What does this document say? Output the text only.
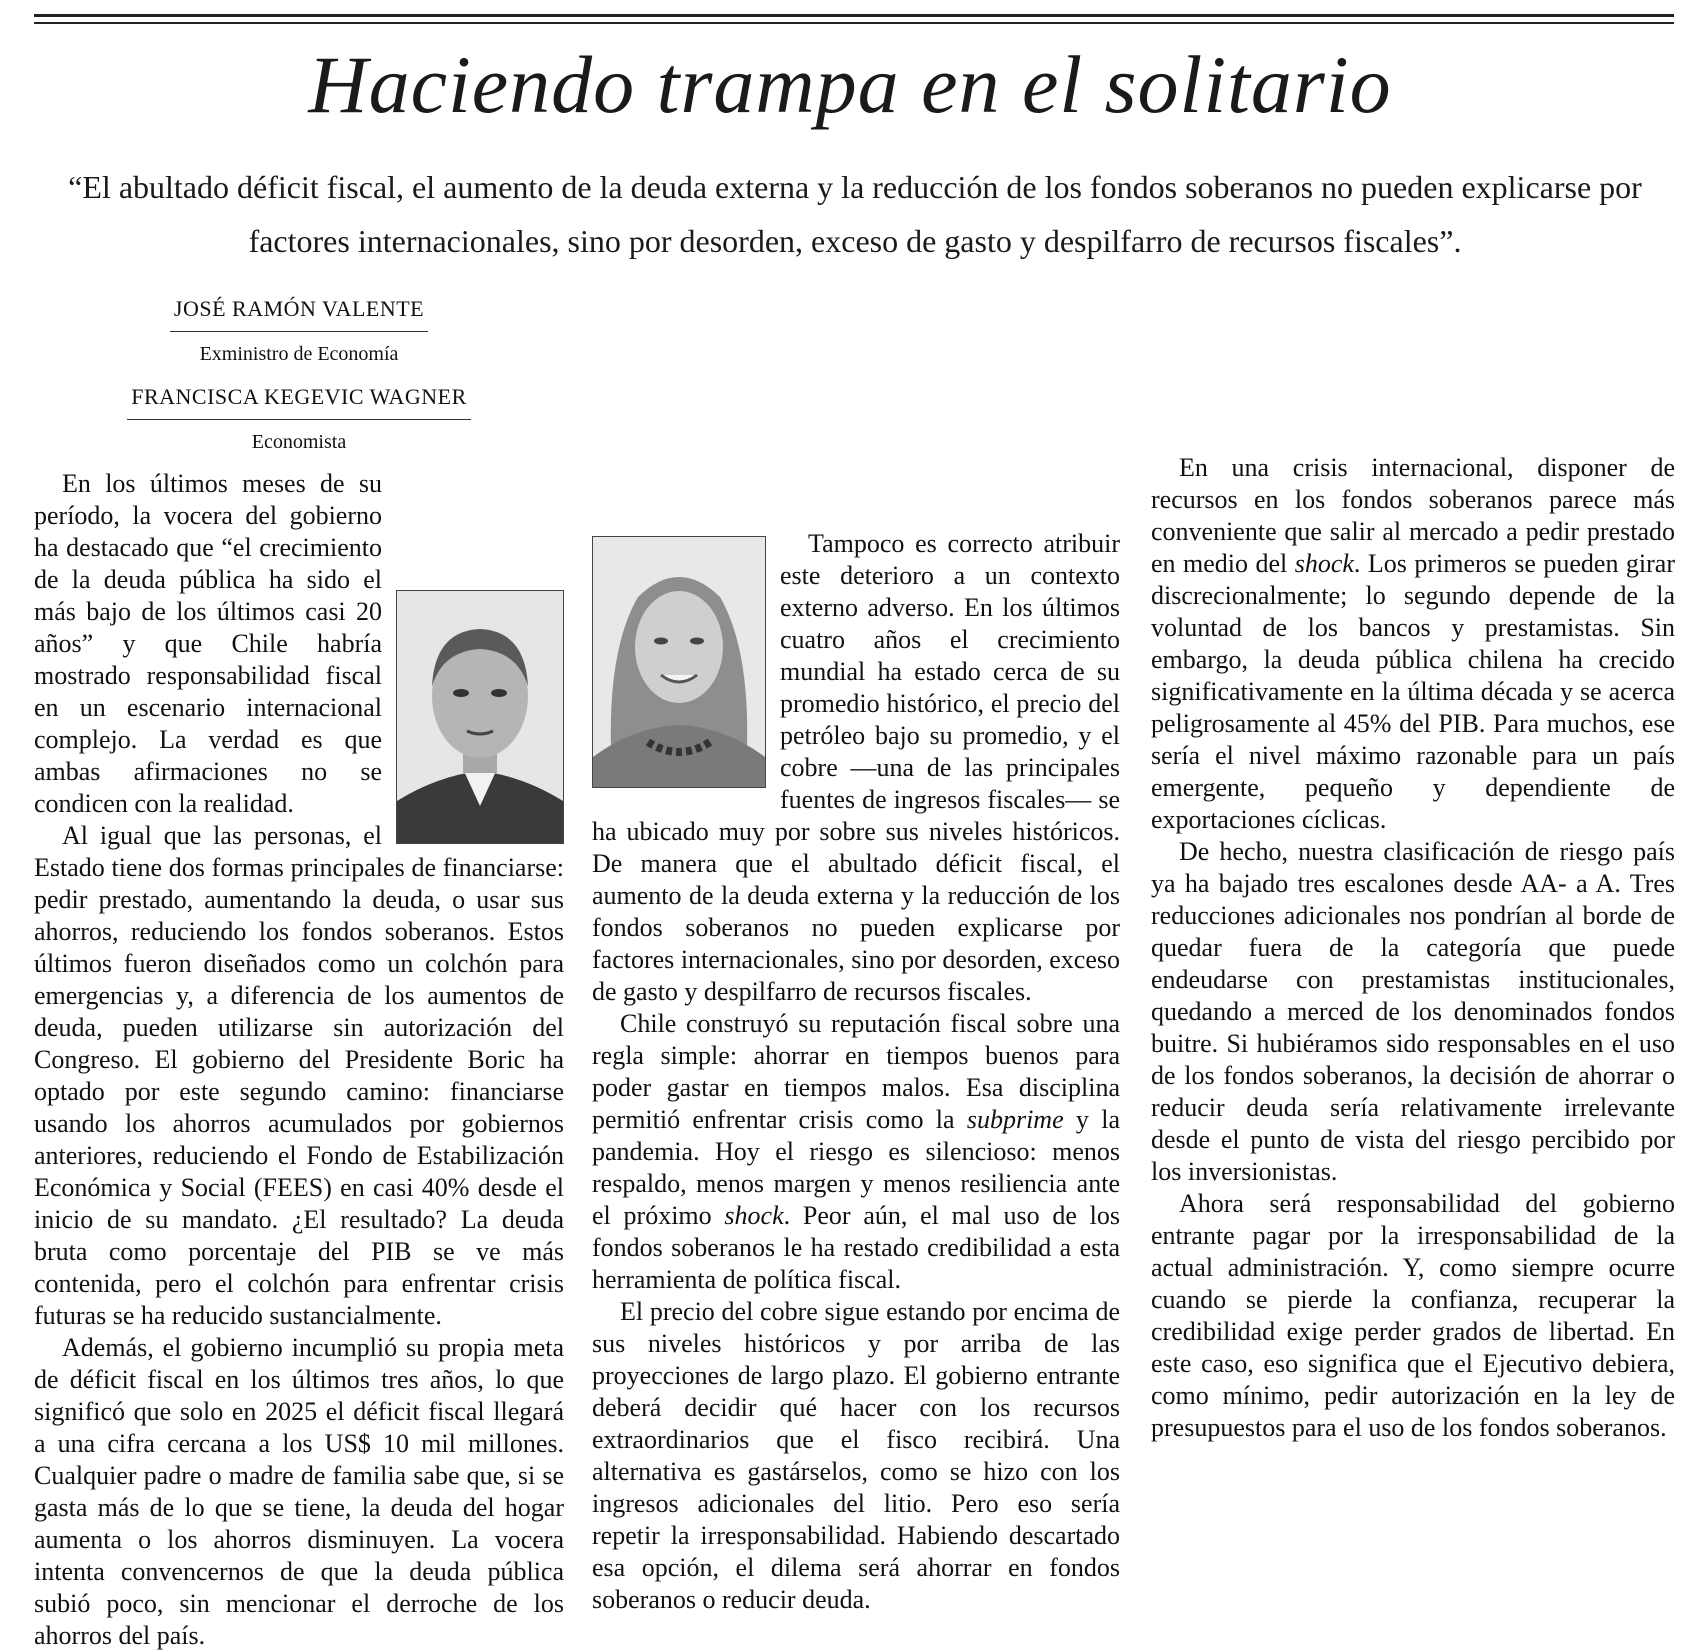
Haciendo trampa en el solitario
“El abultado déficit fiscal, el aumento de la deuda externa y la reducción de los fondos soberanos no pueden explicarse por factores internacionales, sino por desorden, exceso de gasto y despilfarro de recursos fiscales”.

JOSÉ RAMÓN VALENTE
Exministro de Economía
FRANCISCA KEGEVIC WAGNER
Economista

En los últimos meses de su período, la vocera del gobierno ha destacado que “el crecimiento de la deuda pública ha sido el más bajo de los últimos casi 20 años” y que Chile habría mostrado responsabilidad fiscal en un escenario internacional complejo. La verdad es que ambas afirmaciones no se condicen con la realidad.

Al igual que las personas, el Estado tiene dos formas principales de financiarse: pedir prestado, aumentando la deuda, o usar sus ahorros, reduciendo los fondos soberanos. Estos últimos fueron diseñados como un colchón para emergencias y, a diferencia de los aumentos de deuda, pueden utilizarse sin autorización del Congreso. El gobierno del Presidente Boric ha optado por este segundo camino: financiarse usando los ahorros acumulados por gobiernos anteriores, reduciendo el Fondo de Estabilización Económica y Social (FEES) en casi 40% desde el inicio de su mandato. ¿El resultado? La deuda bruta como porcentaje del PIB se ve más contenida, pero el colchón para enfrentar crisis futuras se ha reducido sustancialmente.

Además, el gobierno incumplió su propia meta de déficit fiscal en los últimos tres años, lo que significó que solo en 2025 el déficit fiscal llegará a una cifra cercana a los US$ 10 mil millones. Cualquier padre o madre de familia sabe que, si se gasta más de lo que se tiene, la deuda del hogar aumenta o los ahorros disminuyen. La vocera intenta convencernos de que la deuda pública subió poco, sin mencionar el derroche de los ahorros del país.

Tampoco es correcto atribuir este deterioro a un contexto externo adverso. En los últimos cuatro años el crecimiento mundial ha estado cerca de su promedio histórico, el precio del petróleo bajo su promedio, y el cobre —una de las principales fuentes de ingresos fiscales— se ha ubicado muy por sobre sus niveles históricos. De manera que el abultado déficit fiscal, el aumento de la deuda externa y la reducción de los fondos soberanos no pueden explicarse por factores internacionales, sino por desorden, exceso de gasto y despilfarro de recursos fiscales.

Chile construyó su reputación fiscal sobre una regla simple: ahorrar en tiempos buenos para poder gastar en tiempos malos. Esa disciplina permitió enfrentar crisis como la subprime y la pandemia. Hoy el riesgo es silencioso: menos respaldo, menos margen y menos resiliencia ante el próximo shock. Peor aún, el mal uso de los fondos soberanos le ha restado credibilidad a esta herramienta de política fiscal.

El precio del cobre sigue estando por encima de sus niveles históricos y por arriba de las proyecciones de largo plazo. El gobierno entrante deberá decidir qué hacer con los recursos extraordinarios que el fisco recibirá. Una alternativa es gastárselos, como se hizo con los ingresos adicionales del litio. Pero eso sería repetir la irresponsabilidad. Habiendo descartado esa opción, el dilema será ahorrar en fondos soberanos o reducir deuda.

En una crisis internacional, disponer de recursos en los fondos soberanos parece más conveniente que salir al mercado a pedir prestado en medio del shock. Los primeros se pueden girar discrecionalmente; lo segundo depende de la voluntad de los bancos y prestamistas. Sin embargo, la deuda pública chilena ha crecido significativamente en la última década y se acerca peligrosamente al 45% del PIB. Para muchos, ese sería el nivel máximo razonable para un país emergente, pequeño y dependiente de exportaciones cíclicas.

De hecho, nuestra clasificación de riesgo país ya ha bajado tres escalones desde AA- a A. Tres reducciones adicionales nos pondrían al borde de quedar fuera de la categoría que puede endeudarse con prestamistas institucionales, quedando a merced de los denominados fondos buitre. Si hubiéramos sido responsables en el uso de los fondos soberanos, la decisión de ahorrar o reducir deuda sería relativamente irrelevante desde el punto de vista del riesgo percibido por los inversionistas.

Ahora será responsabilidad del gobierno entrante pagar por la irresponsabilidad de la actual administración. Y, como siempre ocurre cuando se pierde la confianza, recuperar la credibilidad exige perder grados de libertad. En este caso, eso significa que el Ejecutivo debiera, como mínimo, pedir autorización en la ley de presupuestos para el uso de los fondos soberanos.
